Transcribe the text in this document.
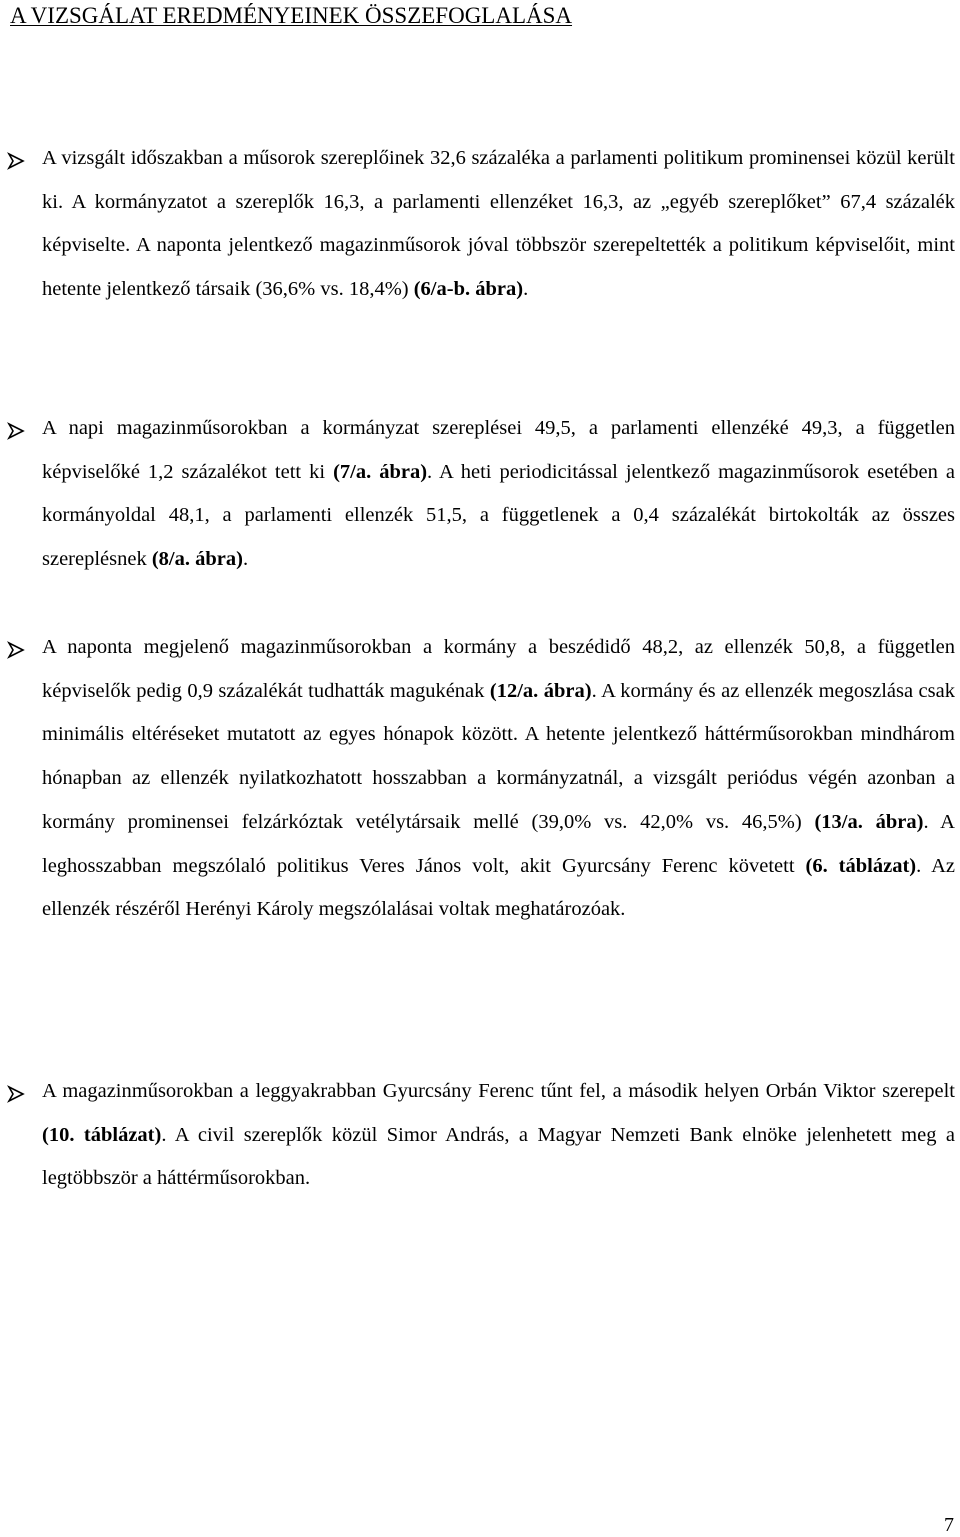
A VIZSGÁLAT EREDMÉNYEINEK ÖSSZEFOGLALÁSA

A vizsgált időszakban a műsorok szereplőinek 32,6 százaléka a parlamenti politikum prominensei közül került ki. A kormányzatot a szereplők 16,3, a parlamenti ellenzéket 16,3, az „egyéb szereplőket” 67,4 százalék képviselte. A naponta jelentkező magazinműsorok jóval többször szerepeltették a politikum képviselőit, mint hetente jelentkező társaik (36,6% vs. 18,4%) (6/a-b. ábra).

A napi magazinműsorokban a kormányzat szereplései 49,5, a parlamenti ellenzéké 49,3, a független képviselőké 1,2 százalékot tett ki (7/a. ábra). A heti periodicitással jelentkező magazinműsorok esetében a kormányoldal 48,1, a parlamenti ellenzék 51,5, a függetlenek a 0,4 százalékát birtokolták az összes szereplésnek (8/a. ábra).

A naponta megjelenő magazinműsorokban a kormány a beszédidő 48,2, az ellenzék 50,8, a független képviselők pedig 0,9 százalékát tudhatták magukénak (12/a. ábra). A kormány és az ellenzék megoszlása csak minimális eltéréseket mutatott az egyes hónapok között. A hetente jelentkező háttérműsorokban mindhárom hónapban az ellenzék nyilatkozhatott hosszabban a kormányzatnál, a vizsgált periódus végén azonban a kormány prominensei felzárkóztak vetélytársaik mellé (39,0% vs. 42,0% vs. 46,5%) (13/a. ábra). A leghosszabban megszólaló politikus Veres János volt, akit Gyurcsány Ferenc követett (6. táblázat). Az ellenzék részéről Herényi Károly megszólalásai voltak meghatározóak.

A magazinműsorokban a leggyakrabban Gyurcsány Ferenc tűnt fel, a második helyen Orbán Viktor szerepelt (10. táblázat). A civil szereplők közül Simor András, a Magyar Nemzeti Bank elnöke jelenhetett meg a legtöbbször a háttérműsorokban.

7
